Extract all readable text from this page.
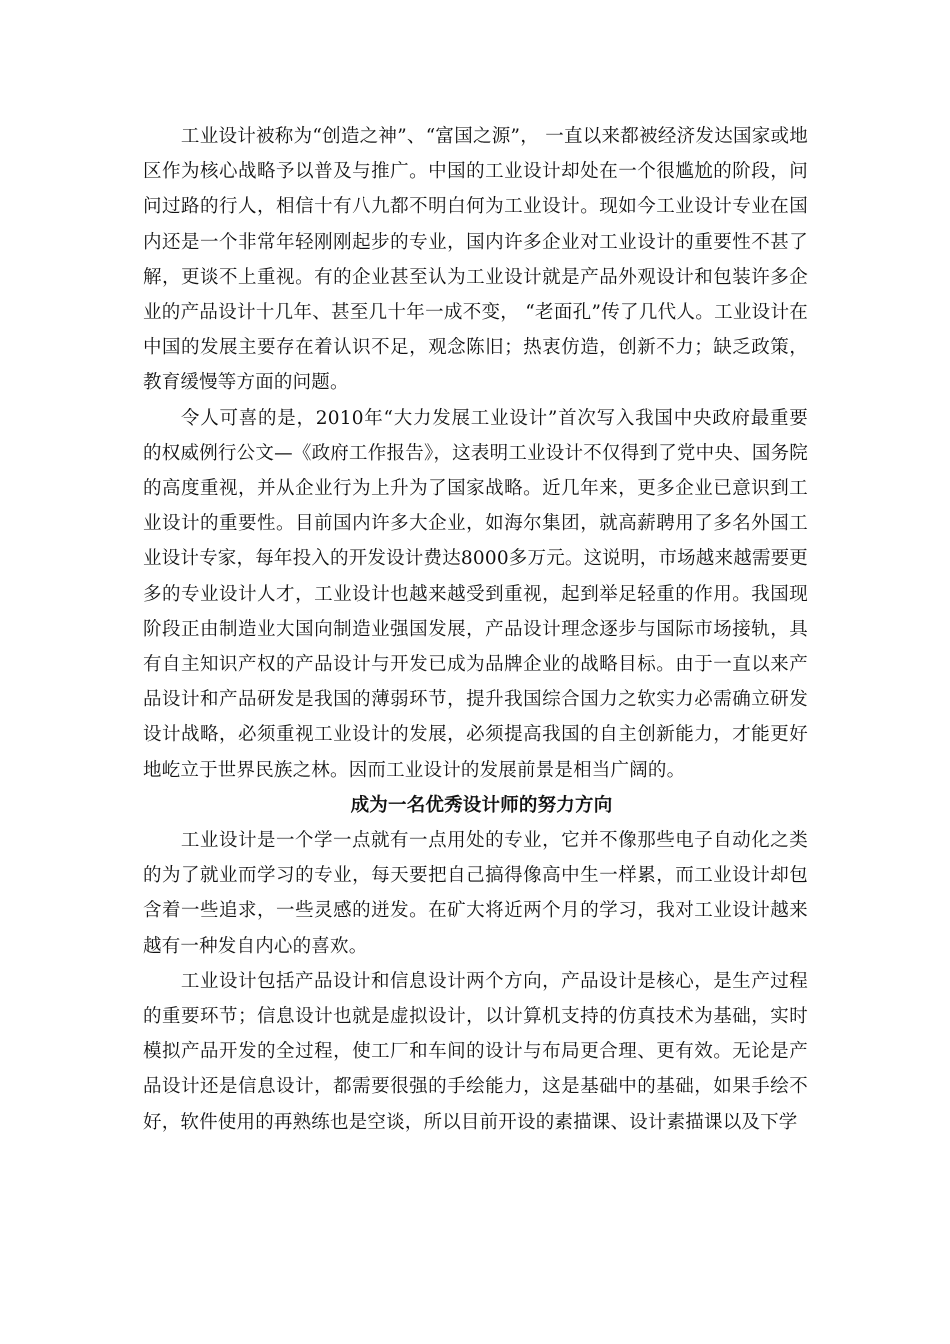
工业设计被称为“创造之神”、“富国之源”， 一直以来都被经济发达国家或地区作为核心战略予以普及与推广。中国的工业设计却处在一个很尴尬的阶段，问问过路的行人，相信十有八九都不明白何为工业设计。现如今工业设计专业在国内还是一个非常年轻刚刚起步的专业，国内许多企业对工业设计的重要性不甚了解，更谈不上重视。有的企业甚至认为工业设计就是产品外观设计和包装许多企业的产品设计十几年、甚至几十年一成不变， “老面孔”传了几代人。工业设计在中国的发展主要存在着认识不足，观念陈旧；热衷仿造，创新不力；缺乏政策，教育缓慢等方面的问题。

令人可喜的是，2010年“大力发展工业设计”首次写入我国中央政府最重要的权威例行公文—《政府工作报告》，这表明工业设计不仅得到了党中央、国务院的高度重视，并从企业行为上升为了国家战略。近几年来，更多企业已意识到工业设计的重要性。目前国内许多大企业，如海尔集团，就高薪聘用了多名外国工业设计专家，每年投入的开发设计费达8000多万元。这说明，市场越来越需要更多的专业设计人才，工业设计也越来越受到重视，起到举足轻重的作用。我国现阶段正由制造业大国向制造业强国发展，产品设计理念逐步与国际市场接轨，具有自主知识产权的产品设计与开发已成为品牌企业的战略目标。由于一直以来产品设计和产品研发是我国的薄弱环节，提升我国综合国力之软实力必需确立研发设计战略，必须重视工业设计的发展，必须提高我国的自主创新能力，才能更好地屹立于世界民族之林。因而工业设计的发展前景是相当广阔的。

成为一名优秀设计师的努力方向

工业设计是一个学一点就有一点用处的专业，它并不像那些电子自动化之类的为了就业而学习的专业，每天要把自己搞得像高中生一样累，而工业设计却包含着一些追求，一些灵感的迸发。在矿大将近两个月的学习，我对工业设计越来越有一种发自内心的喜欢。

工业设计包括产品设计和信息设计两个方向，产品设计是核心，是生产过程的重要环节；信息设计也就是虚拟设计，以计算机支持的仿真技术为基础，实时模拟产品开发的全过程，使工厂和车间的设计与布局更合理、更有效。无论是产品设计还是信息设计，都需要很强的手绘能力，这是基础中的基础，如果手绘不好，软件使用的再熟练也是空谈，所以目前开设的素描课、设计素描课以及下学
